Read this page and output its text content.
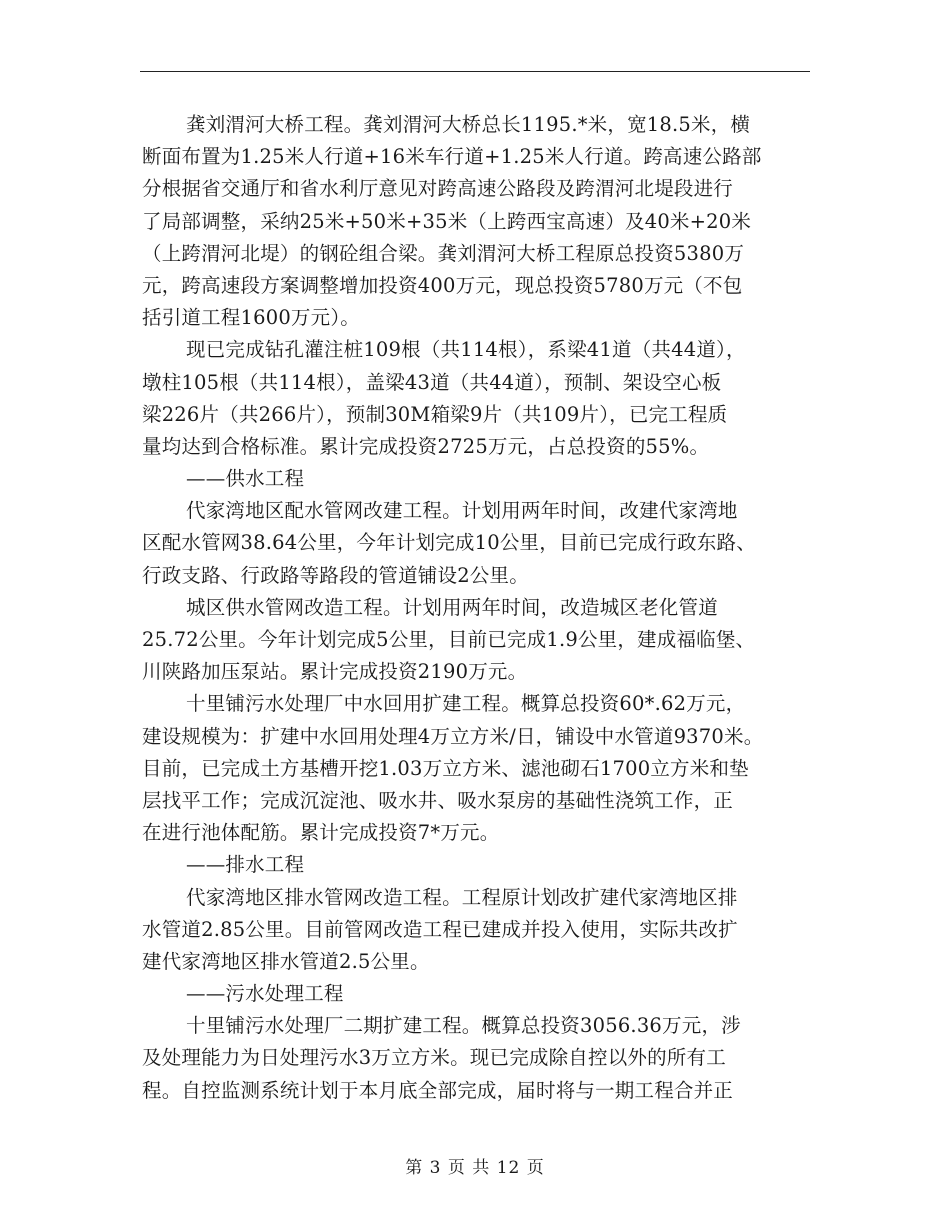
龚刘渭河大桥工程。龚刘渭河大桥总长1195.*米，宽18.5米，横
断面布置为1.25米人行道+16米车行道+1.25米人行道。跨高速公路部
分根据省交通厅和省水利厅意见对跨高速公路段及跨渭河北堤段进行
了局部调整，采纳25米+50米+35米（上跨西宝高速）及40米+20米
（上跨渭河北堤）的钢砼组合梁。龚刘渭河大桥工程原总投资5380万
元，跨高速段方案调整增加投资400万元，现总投资5780万元（不包
括引道工程1600万元）。
现已完成钻孔灌注桩109根（共114根），系梁41道（共44道），
墩柱105根（共114根），盖梁43道（共44道），预制、架设空心板
梁226片（共266片），预制30M箱梁9片（共109片），已完工程质
量均达到合格标准。累计完成投资2725万元，占总投资的55%。
——供水工程
代家湾地区配水管网改建工程。计划用两年时间，改建代家湾地
区配水管网38.64公里，今年计划完成10公里，目前已完成行政东路、
行政支路、行政路等路段的管道铺设2公里。
城区供水管网改造工程。计划用两年时间，改造城区老化管道
25.72公里。今年计划完成5公里，目前已完成1.9公里，建成福临堡、
川陕路加压泵站。累计完成投资2190万元。
十里铺污水处理厂中水回用扩建工程。概算总投资60*.62万元，
建设规模为：扩建中水回用处理4万立方米/日，铺设中水管道9370米。
目前，已完成土方基槽开挖1.03万立方米、滤池砌石1700立方米和垫
层找平工作；完成沉淀池、吸水井、吸水泵房的基础性浇筑工作，正
在进行池体配筋。累计完成投资7*万元。
——排水工程
代家湾地区排水管网改造工程。工程原计划改扩建代家湾地区排
水管道2.85公里。目前管网改造工程已建成并投入使用，实际共改扩
建代家湾地区排水管道2.5公里。
——污水处理工程
十里铺污水处理厂二期扩建工程。概算总投资3056.36万元，涉
及处理能力为日处理污水3万立方米。现已完成除自控以外的所有工
程。自控监测系统计划于本月底全部完成，届时将与一期工程合并正
第 3 页 共 12 页
